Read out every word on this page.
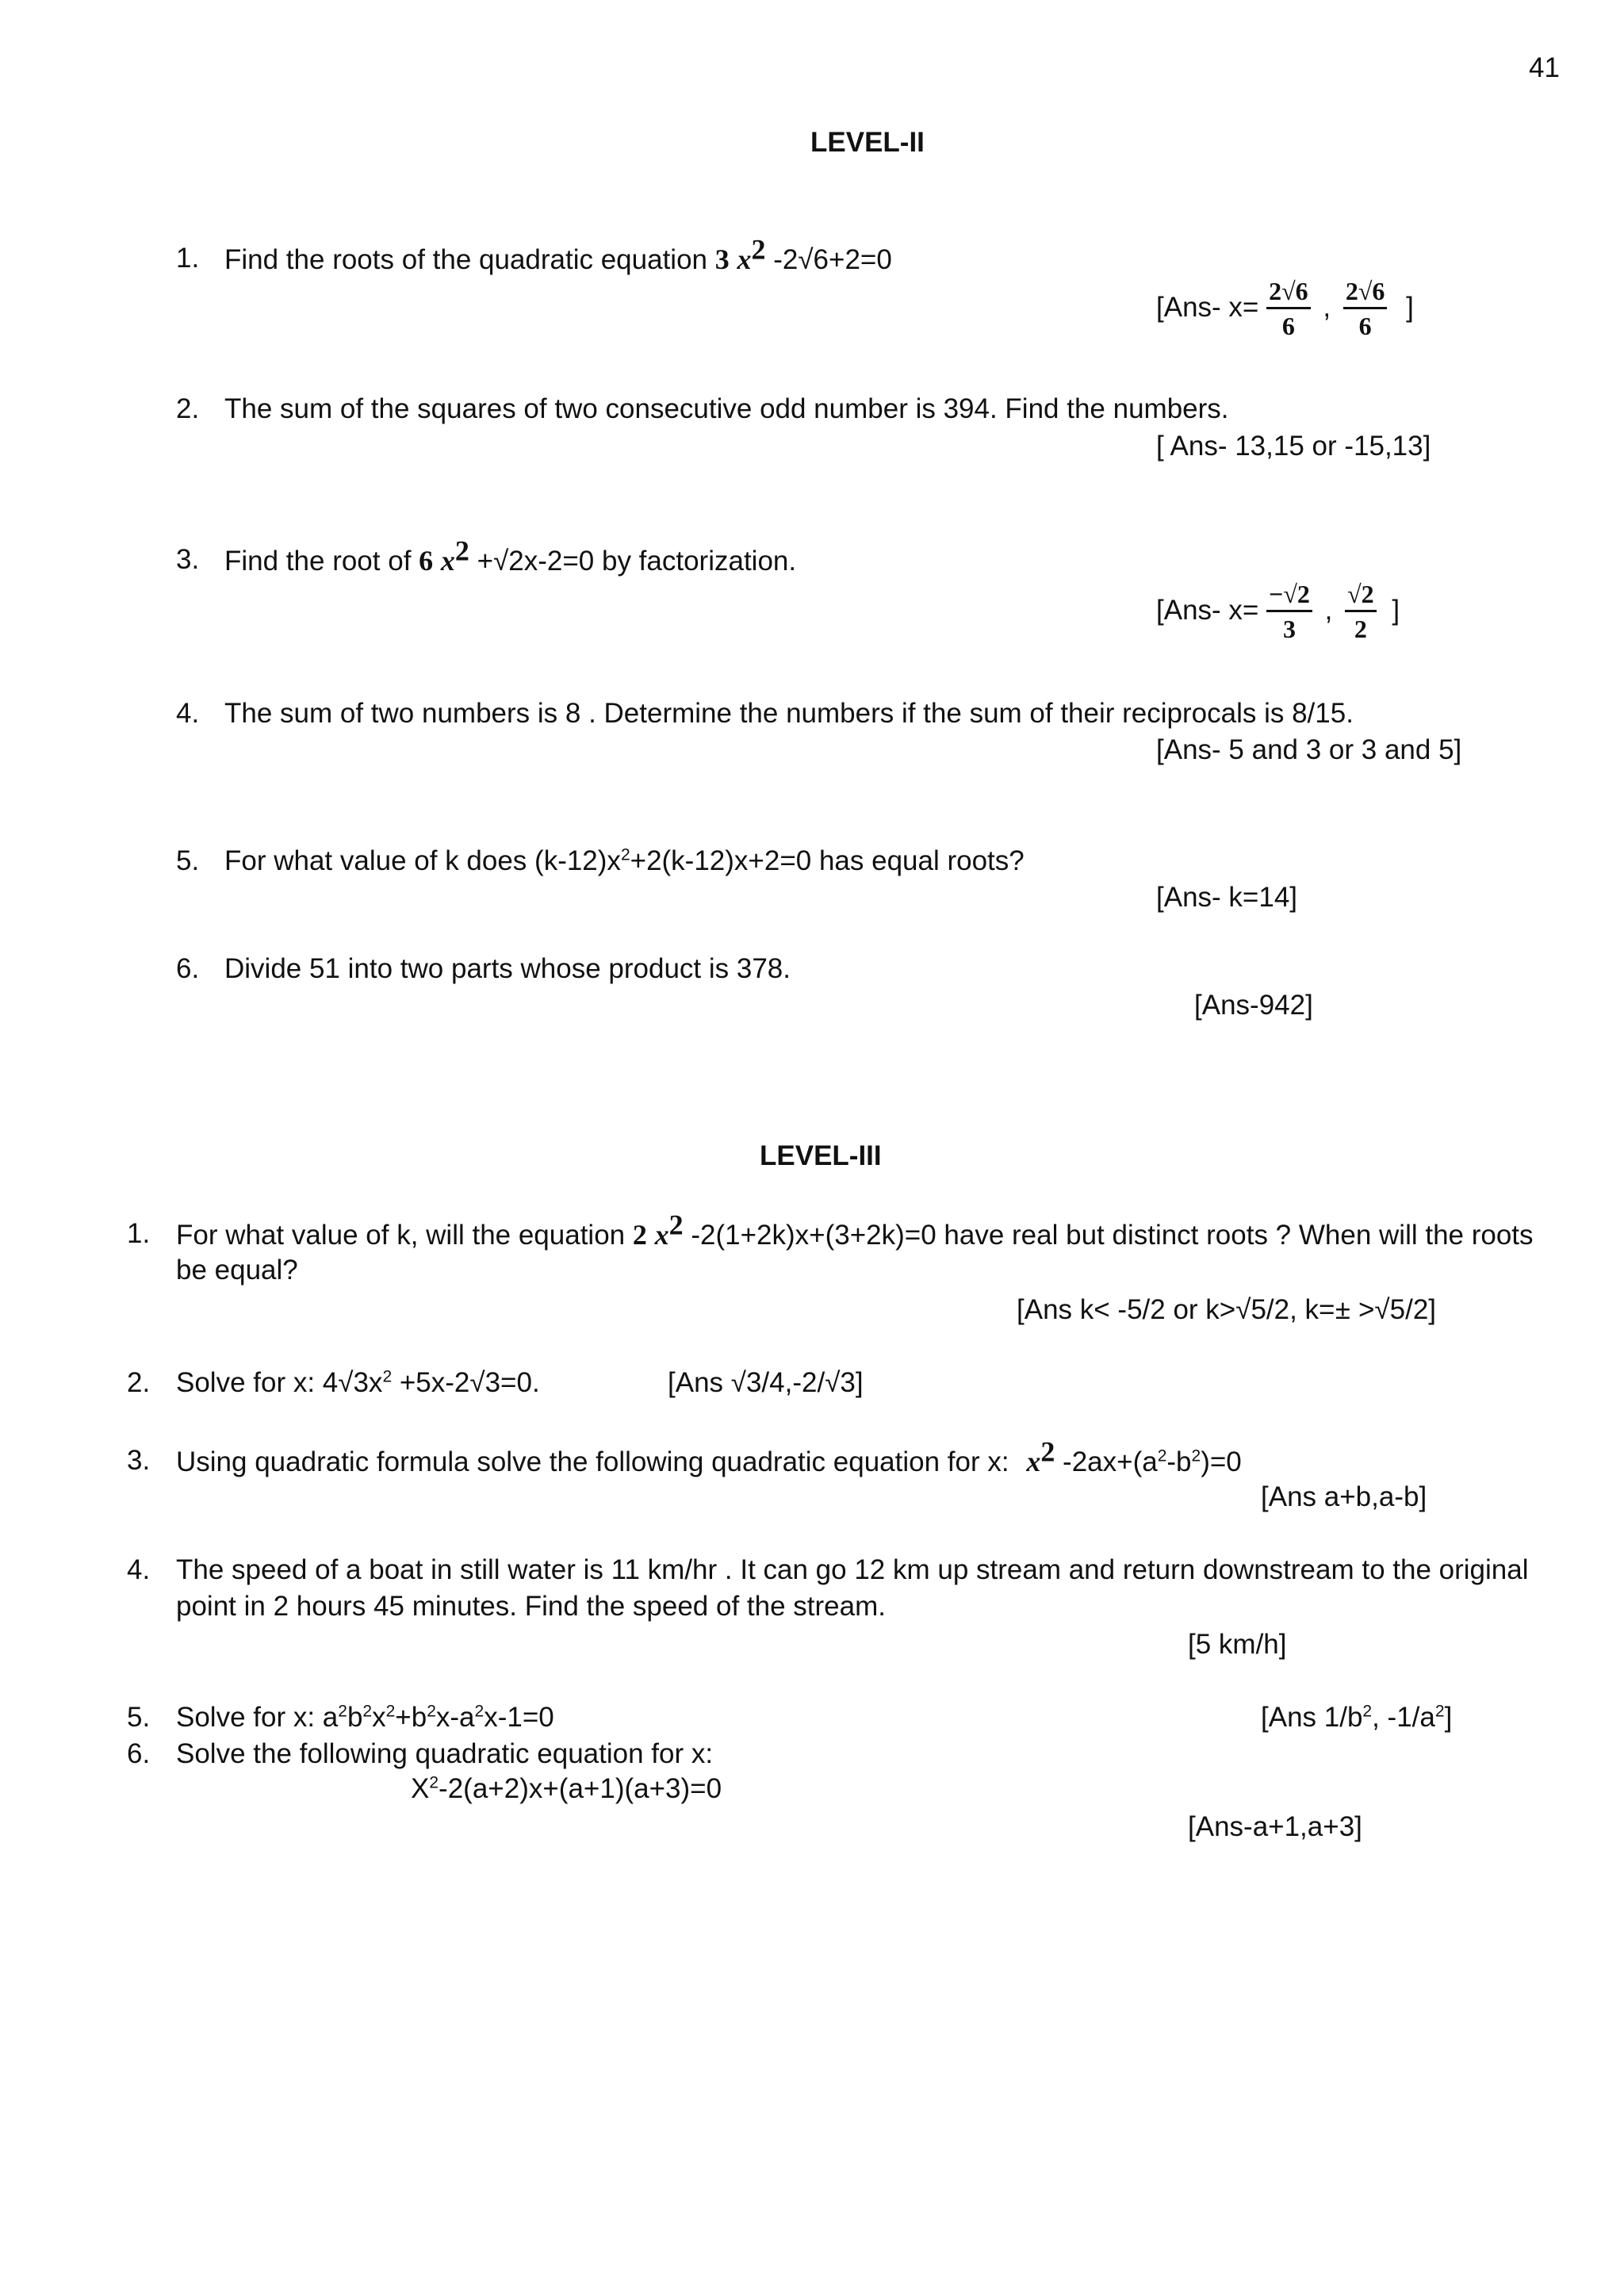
41
LEVEL-II
1. Find the roots of the quadratic equation 3 $x^2$ -2√6+2=0
[Ans- $x= \frac{2√6}{6}$ , $\frac{2√6}{6}$ ]
2. The sum of the squares of two consecutive odd number is 394. Find the numbers.
[ Ans- 13,15 or -15,13]
3. Find the root of 6 $x^2 +√2x-2=0$ by factorization.
[Ans- $x= \frac{-√2}{3}$ , $\frac{√2}{2}$ ]
4. The sum of two numbers is 8 . Determine the numbers if the sum of their reciprocals is 8/15.
[Ans- 5 and 3 or 3 and 5]
5. For what value of k does $(k-12)x^2+2(k-12)x+2=0$ has equal roots?
[Ans- k=14]
6. Divide 51 into two parts whose product is 378.
[Ans-942]
LEVEL-III
1. For what value of k, will the equation 2 $x^2$ -2(1+2k)x+(3+2k)=0 have real but distinct roots ? When will the roots
be equal?
[Ans k< -5/2 or k>√5/2, k=± >√5/2]
2. Solve for x: $4√3x^2 +5x-2√3=0$.	[Ans √3/4,-2/√3]
3. Using quadratic formula solve the following quadratic equation for x: $x^2$ $-2ax+(a^2-b^2)=0$
[Ans a+b,a-b]
4. The speed of a boat in still water is 11 km/hr . It can go 12 km up stream and return downstream to the original
point in 2 hours 45 minutes. Find the speed of the stream.
[5 km/h]
5. Solve for x: $a^2b^2x^2+b^2x-a^2x-1=0$	[Ans $1/b^2$, $-1/a^2$]
6. Solve the following quadratic equation for x:
$X^2-2(a+2)x+(a+1)(a+3)=0$
[Ans-a+1,a+3]
